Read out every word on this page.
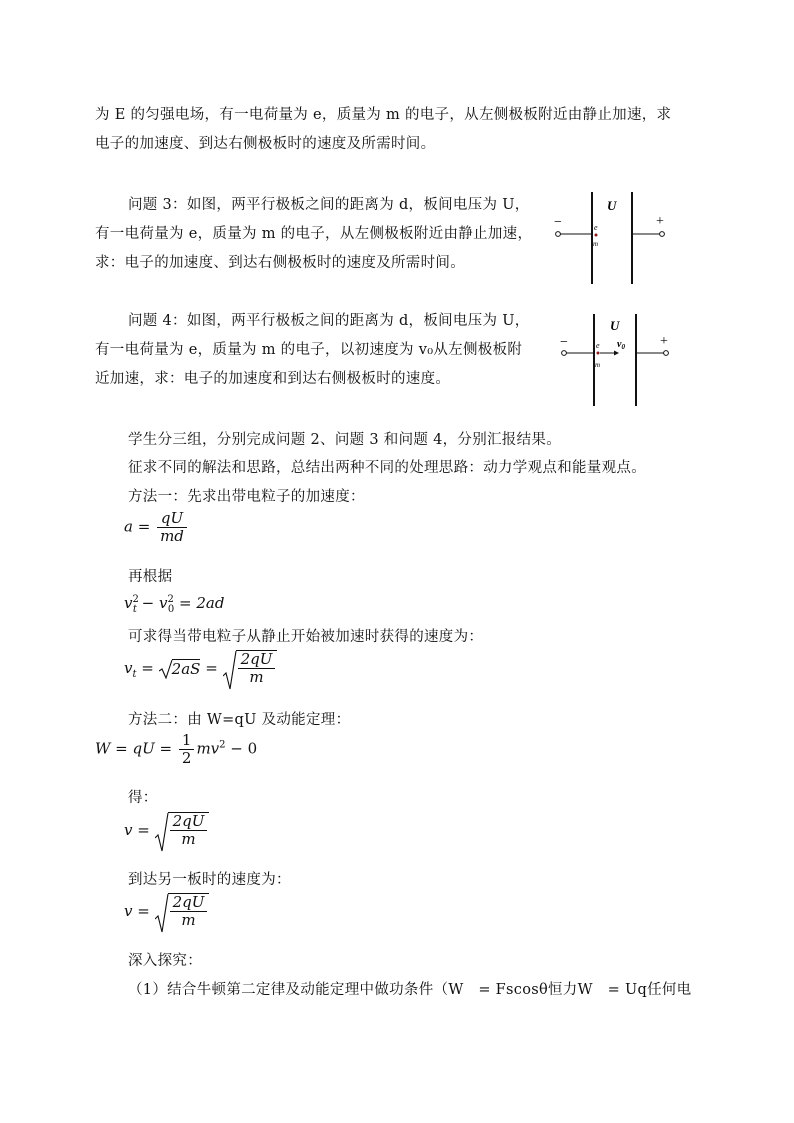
为 E 的匀强电场，有一电荷量为 e，质量为 m 的电子，从左侧极板附近由静止加速，求
电子的加速度、到达右侧极板时的速度及所需时间。
问题 3：如图，两平行极板之间的距离为 d，板间电压为 U，
有一电荷量为 e，质量为 m 的电子，从左侧极板附近由静止加速，
求：电子的加速度、到达右侧极板时的速度及所需时间。
问题 4：如图，两平行极板之间的距离为 d，板间电压为 U，
有一电荷量为 e，质量为 m 的电子，以初速度为 v₀从左侧极板附
近加速，求：电子的加速度和到达右侧极板时的速度。
学生分三组，分别完成问题 2、问题 3 和问题 4，分别汇报结果。
征求不同的解法和思路，总结出两种不同的处理思路：动力学观点和能量观点。
方法一：先求出带电粒子的加速度：
$a = \frac{qU}{md}$
再根据
$v^2_t - v^2_0 = 2ad$
可求得当带电粒子从静止开始被加速时获得的速度为：
$v_t = 2aS = \frac{2qU}{m}$
方法二：由 W=qU 及动能定理：
W = qU = $\frac{1}{2} mv^2 - 0$
得：
$v = \frac{2qU}{m}$
到达另一板时的速度为：
$v = \frac{2qU}{m}$
深入探究：
（1）结合牛顿第二定律及动能定理中做功条件（W　= Fscosθ恒力W　= Uq任何电
−	+
U
e
m
−	+
U
e $v_0$
m
